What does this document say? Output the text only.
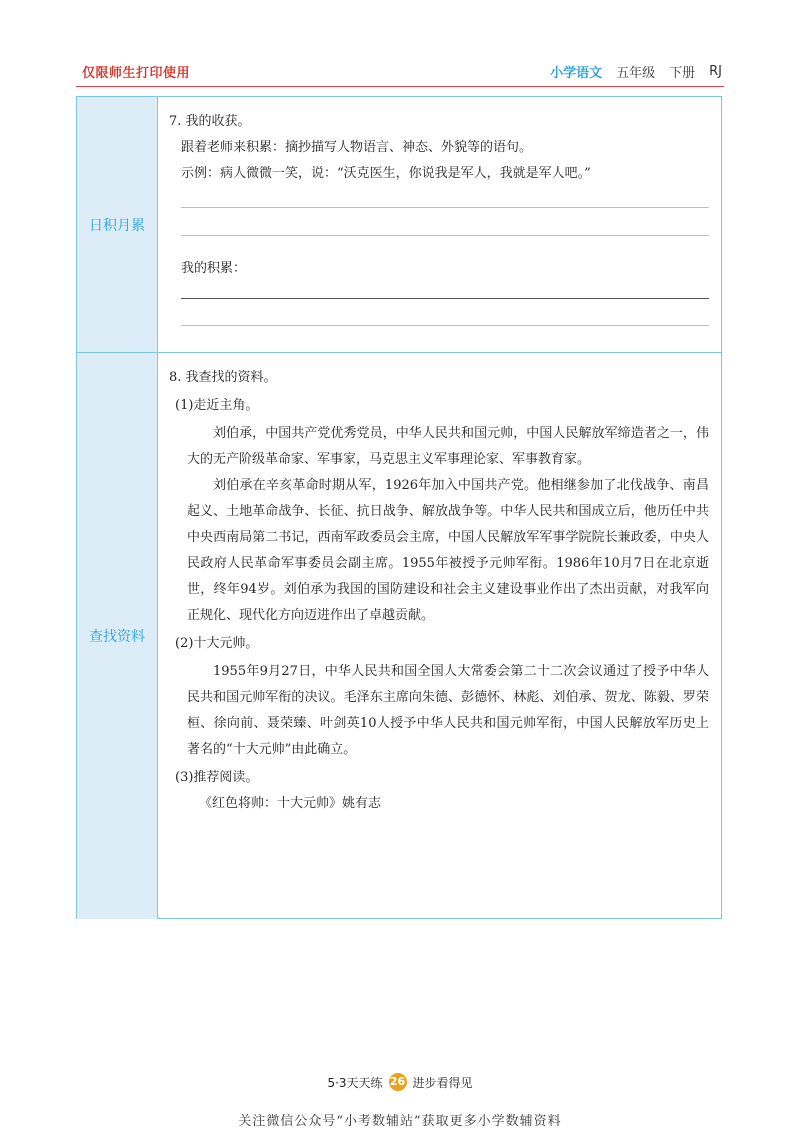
仅限师生打印使用	小学语文 五年级 下册 RJ
日积月累
查找资料

7. 我的收获。

跟着老师来积累：摘抄描写人物语言、神态、外貌等的语句。

示例：病人微微一笑，说：“沃克医生，你说我是军人，我就是军人吧。”

我的积累：

8. 我查找的资料。

(1)走近主角。

刘伯承，中国共产党优秀党员，中华人民共和国元帅，中国人民解放军缔造者之一，伟大的无产阶级革命家、军事家，马克思主义军事理论家、军事教育家。

刘伯承在辛亥革命时期从军，1926年加入中国共产党。他相继参加了北伐战争、南昌起义、土地革命战争、长征、抗日战争、解放战争等。中华人民共和国成立后，他历任中共中央西南局第二书记，西南军政委员会主席，中国人民解放军军事学院院长兼政委，中央人民政府人民革命军事委员会副主席。1955年被授予元帅军衔。1986年10月7日在北京逝世，终年94岁。刘伯承为我国的国防建设和社会主义建设事业作出了杰出贡献，对我军向正规化、现代化方向迈进作出了卓越贡献。

(2)十大元帅。

1955年9月27日，中华人民共和国全国人大常委会第二十二次会议通过了授予中华人民共和国元帅军衔的决议。毛泽东主席向朱德、彭德怀、林彪、刘伯承、贺龙、陈毅、罗荣桓、徐向前、聂荣臻、叶剑英10人授予中华人民共和国元帅军衔，中国人民解放军历史上著名的“十大元帅”由此确立。

(3)推荐阅读。

《红色将帅：十大元帅》姚有志

5·3天天练 26 进步看得见
关注微信公众号“小考数辅站”获取更多小学数辅资料
